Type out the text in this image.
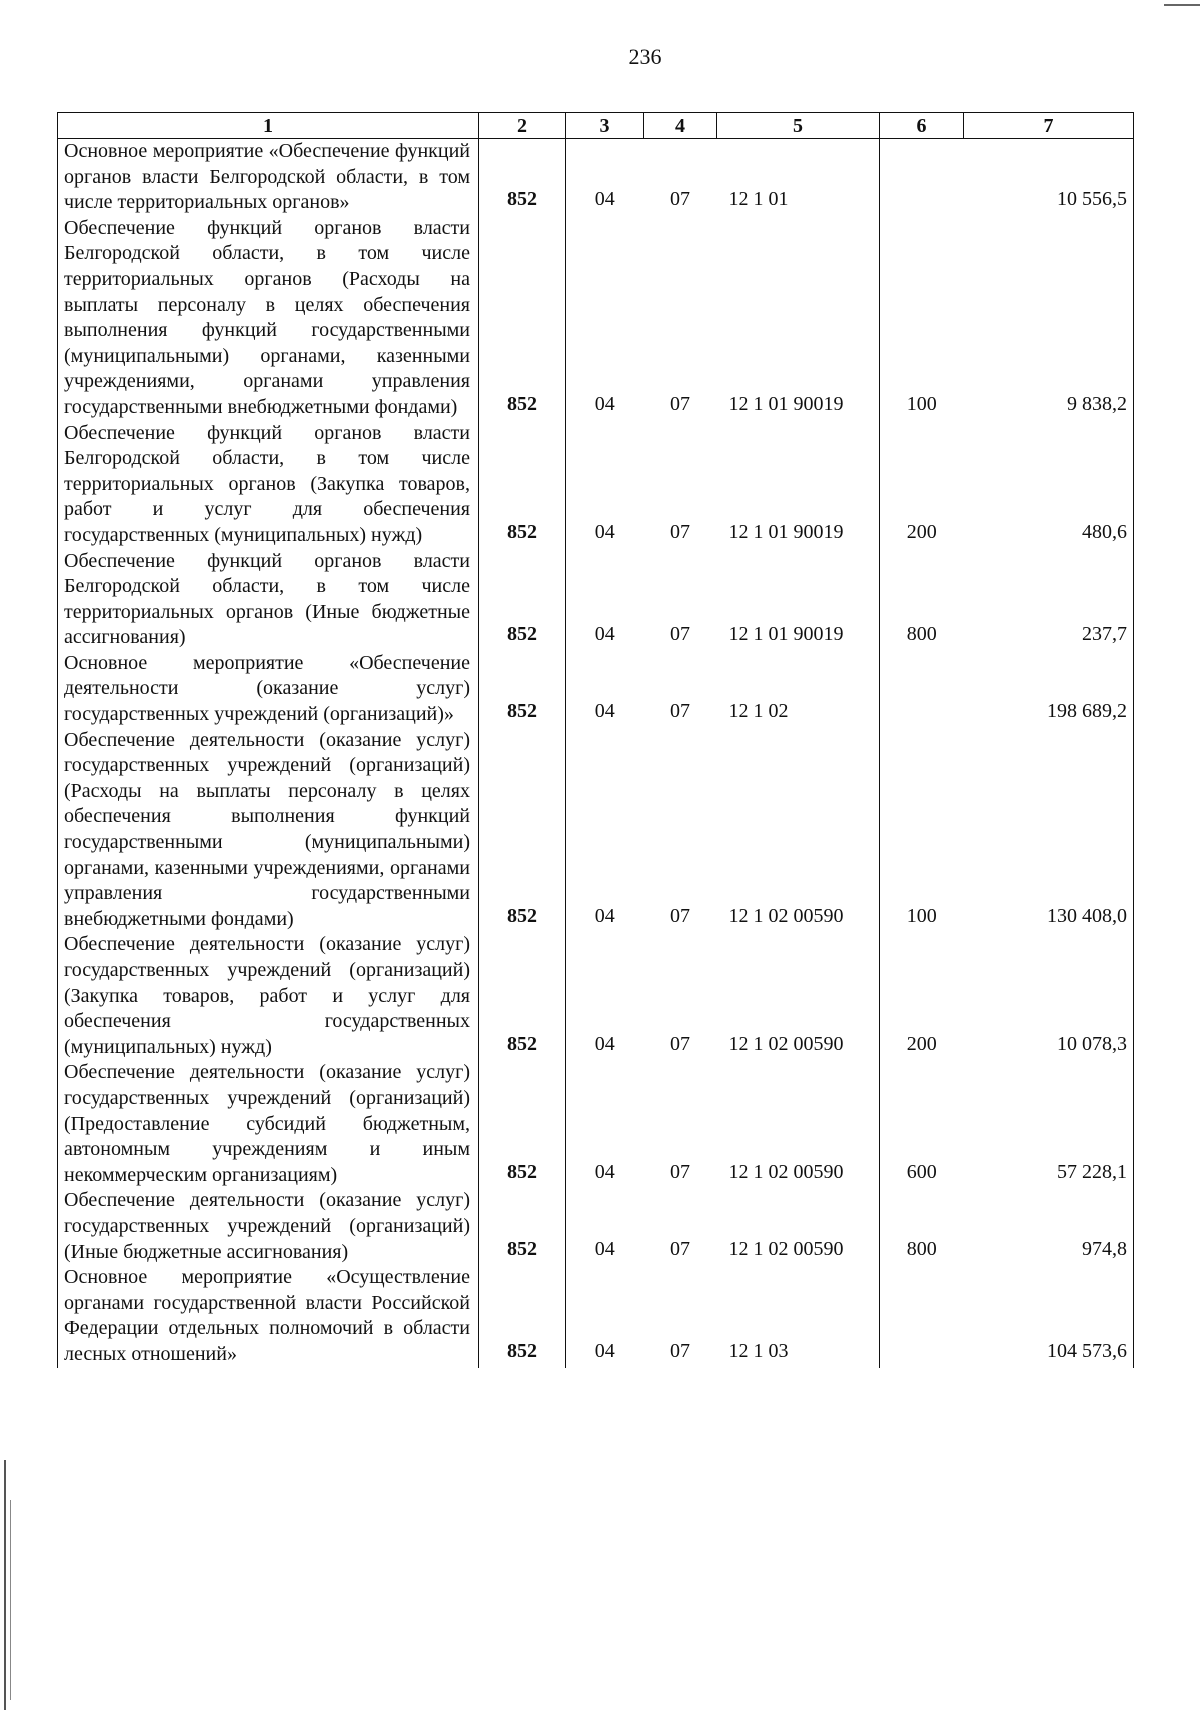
236
1	2	3	4	5	6	7
Основное мероприятие «Обеспечение функций органов власти Белгородской области, в том числе территориальных органов»	852	04	07	12 1 01		10 556,5
Обеспечение функций органов власти Белгородской области, в том числе территориальных органов (Расходы на выплаты персоналу в целях обеспечения выполнения функций государственными (муниципальными) органами, казенными учреждениями, органами управления государственными внебюджетными фондами)	852	04	07	12 1 01 90019	100	9 838,2
Обеспечение функций органов власти Белгородской области, в том числе территориальных органов (Закупка товаров, работ и услуг для обеспечения государственных (муниципальных) нужд)	852	04	07	12 1 01 90019	200	480,6
Обеспечение функций органов власти Белгородской области, в том числе территориальных органов (Иные бюджетные ассигнования)	852	04	07	12 1 01 90019	800	237,7
Основное мероприятие «Обеспечение деятельности (оказание услуг) государственных учреждений (организаций)»	852	04	07	12 1 02		198 689,2
Обеспечение деятельности (оказание услуг) государственных учреждений (организаций) (Расходы на выплаты персоналу в целях обеспечения выполнения функций государственными (муниципальными) органами, казенными учреждениями, органами управления государственными внебюджетными фондами)	852	04	07	12 1 02 00590	100	130 408,0
Обеспечение деятельности (оказание услуг) государственных учреждений (организаций) (Закупка товаров, работ и услуг для обеспечения государственных (муниципальных) нужд)	852	04	07	12 1 02 00590	200	10 078,3
Обеспечение деятельности (оказание услуг) государственных учреждений (организаций) (Предоставление субсидий бюджетным, автономным учреждениям и иным некоммерческим организациям)	852	04	07	12 1 02 00590	600	57 228,1
Обеспечение деятельности (оказание услуг) государственных учреждений (организаций) (Иные бюджетные ассигнования)	852	04	07	12 1 02 00590	800	974,8
Основное мероприятие «Осуществление органами государственной власти Российской Федерации отдельных полномочий в области лесных отношений»	852	04	07	12 1 03		104 573,6
